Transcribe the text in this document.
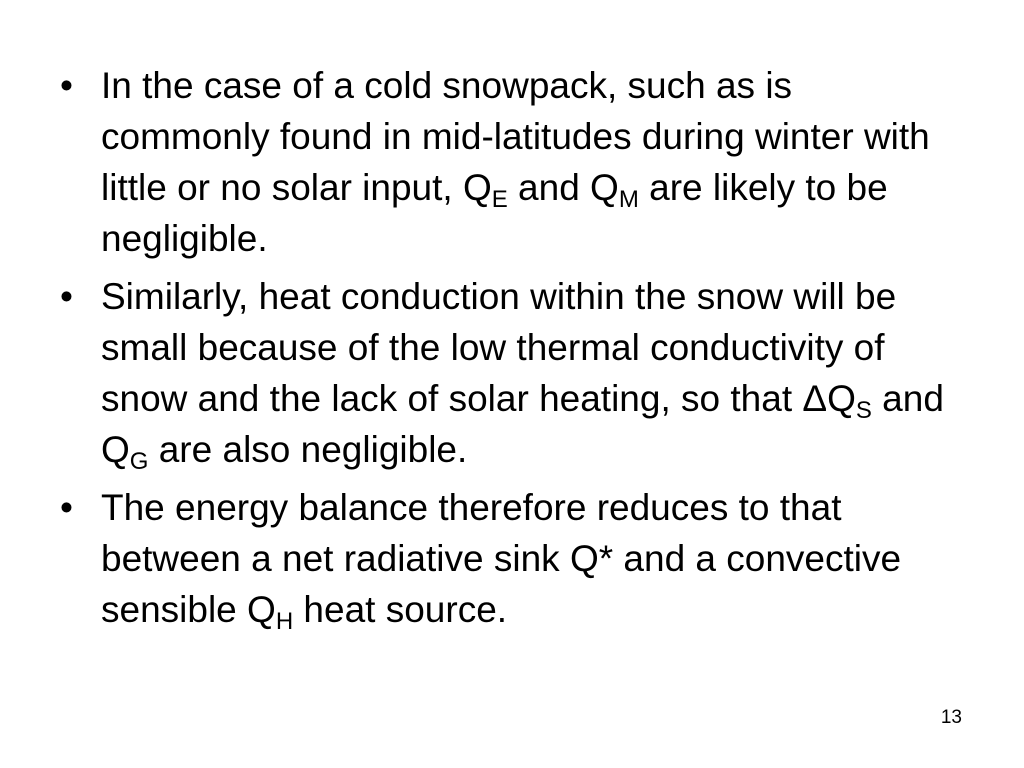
• In the case of a cold snowpack, such as is commonly found in mid-latitudes during winter with little or no solar input, $Q_E$ and $Q_M$ are likely to be negligible.
• Similarly, heat conduction within the snow will be small because of the low thermal conductivity of snow and the lack of solar heating, so that $\Delta Q_S$ and $Q_G$ are also negligible.
• The energy balance therefore reduces to that between a net radiative sink Q* and a convective sensible $Q_H$ heat source.
13
